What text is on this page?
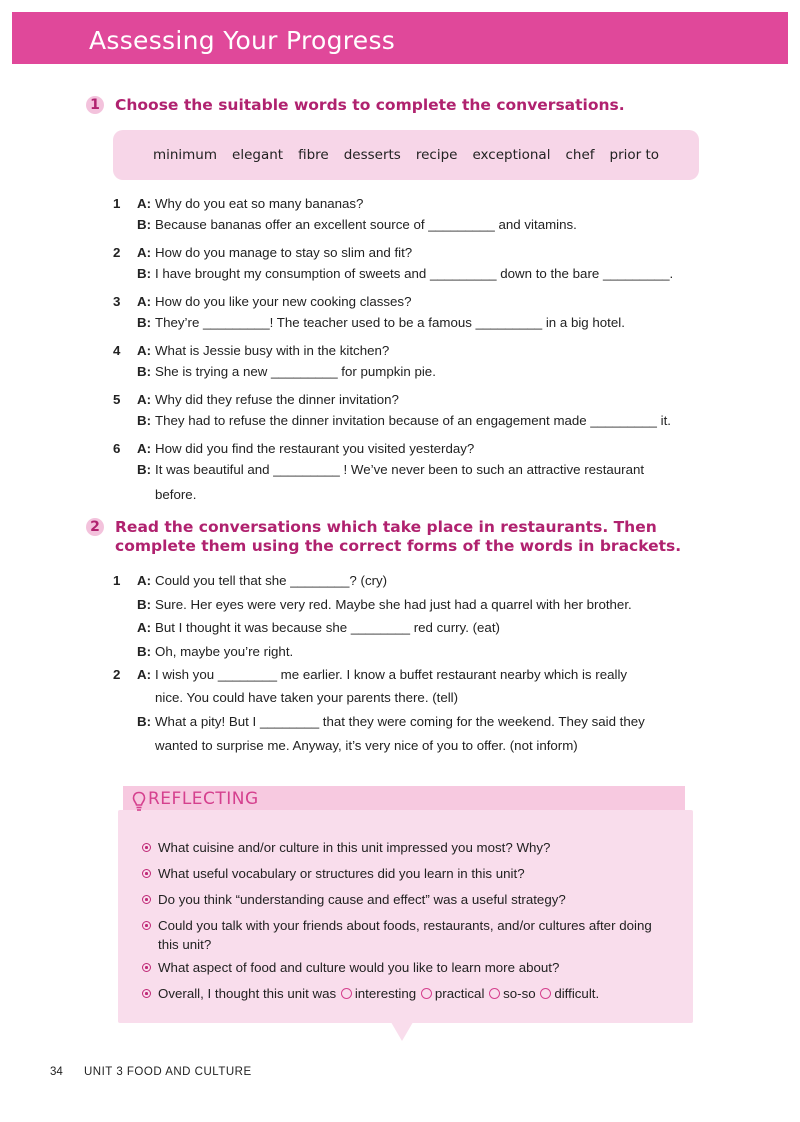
Assessing Your Progress
1 Choose the suitable words to complete the conversations.
minimum elegant fibre desserts recipe exceptional chef prior to
1 A: Why do you eat so many bananas?
B: Because bananas offer an excellent source of _________ and vitamins.
2 A: How do you manage to stay so slim and fit?
B: I have brought my consumption of sweets and _________ down to the bare _________.
3 A: How do you like your new cooking classes?
B: They’re _________! The teacher used to be a famous _________ in a big hotel.
4 A: What is Jessie busy with in the kitchen?
B: She is trying a new _________ for pumpkin pie.
5 A: Why did they refuse the dinner invitation?
B: They had to refuse the dinner invitation because of an engagement made _________ it.
6 A: How did you find the restaurant you visited yesterday?
B: It was beautiful and _________ ! We’ve never been to such an attractive restaurant
before.
2 Read the conversations which take place in restaurants. Then complete them using the correct forms of the words in brackets.
1 A: Could you tell that she ________? (cry)
B: Sure. Her eyes were very red. Maybe she had just had a quarrel with her brother.
A: But I thought it was because she ________ red curry. (eat)
B: Oh, maybe you’re right.
2 A: I wish you ________ me earlier. I know a buffet restaurant nearby which is really
nice. You could have taken your parents there. (tell)
B: What a pity! But I ________ that they were coming for the weekend. They said they
wanted to surprise me. Anyway, it’s very nice of you to offer. (not inform)
REFLECTING
What cuisine and/or culture in this unit impressed you most? Why?
What useful vocabulary or structures did you learn in this unit?
Do you think “understanding cause and effect” was a useful strategy?
Could you talk with your friends about foods, restaurants, and/or cultures after doing this unit?
What aspect of food and culture would you like to learn more about?
Overall, I thought this unit was interesting practical so-so difficult.
34 UNIT 3 FOOD AND CULTURE
